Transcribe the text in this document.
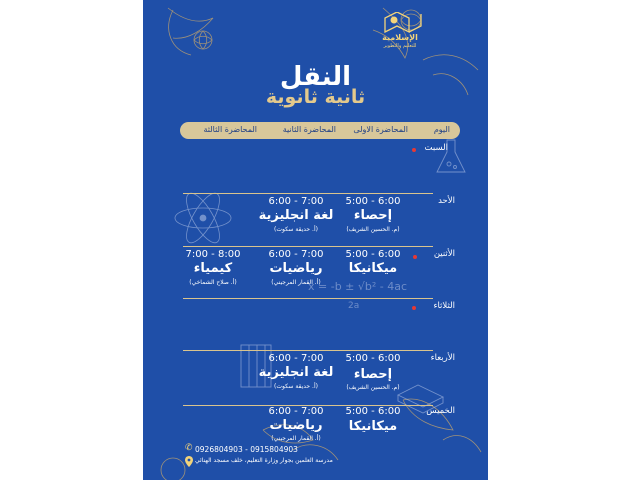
x = -b ± √b² - 4ac
2a
الإسلامية
للتعليم والتطوير
النقل
ثانية ثانوية
اليوم
المحاضرة الاولى
المحاضرة الثانية
المحاضرة الثالثة
السبت
الأحد
الأثنين
الثلاثاء
الأربعاء
الخميس
5:00 - 6:00
إحصاء
(م. الحسين الشريف)
6:00 - 7:00
لغة انجليزية
(أ. حديقة سكوت)
5:00 - 6:00
ميكانيكا
6:00 - 7:00
رياضيات
(أ. القمار المرجيني)
7:00 - 8:00
كيمياء
(أ. صلاح الشماخي)
5:00 - 6:00
إحصاء
(م. الحسين الشريف)
6:00 - 7:00
لغة انجليزية
(أ. حديقة سكوت)
5:00 - 6:00
ميكانيكا
6:00 - 7:00
رياضيات
(أ. القمار المرجيني)
✆ 0926804903 - 0915804903
مدرسة العلمين بجوار وزارة التعليم، خلف مسجد الهنائي
